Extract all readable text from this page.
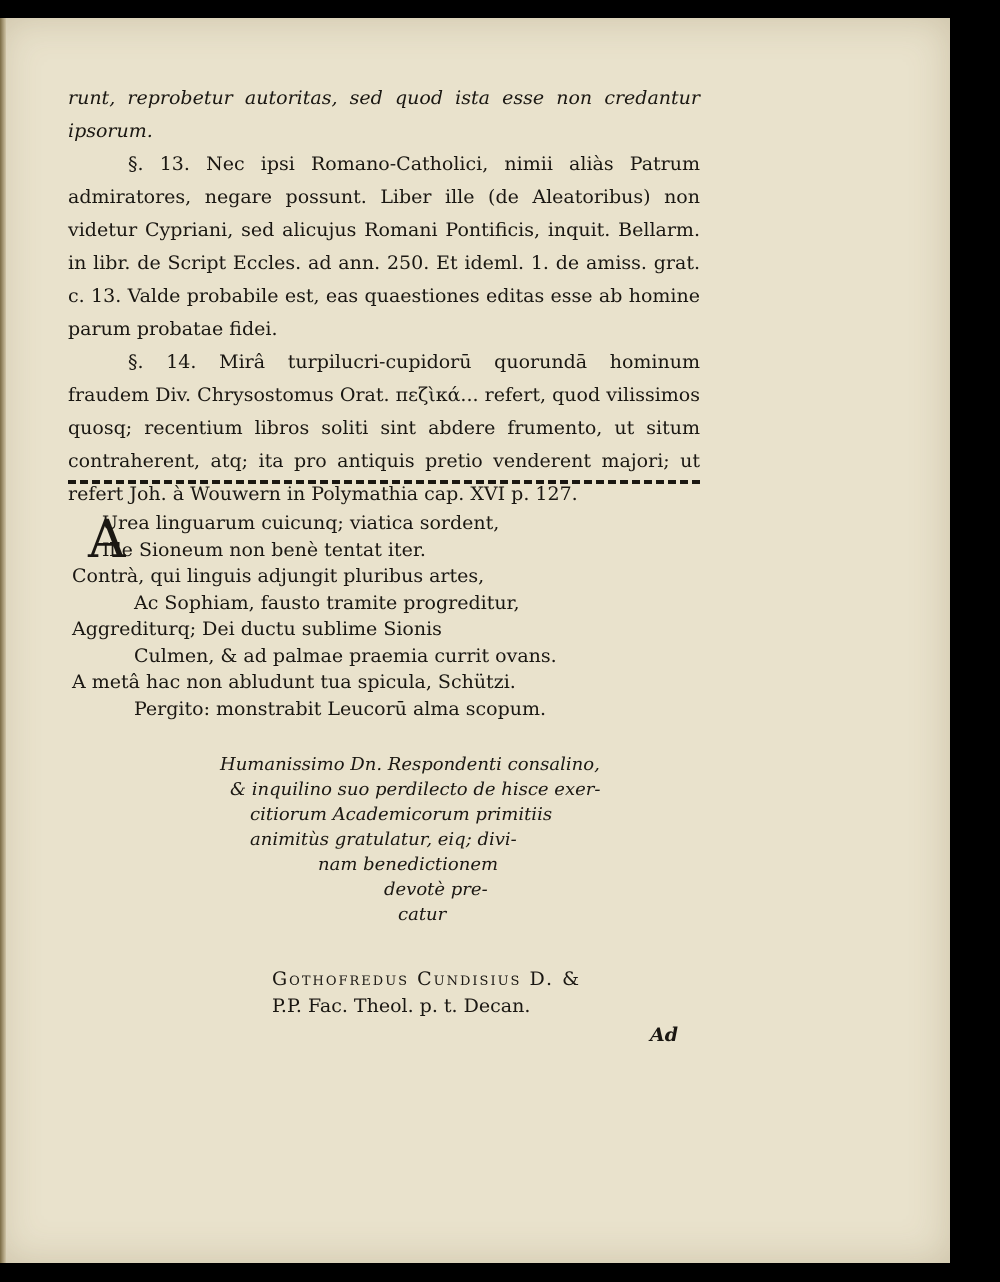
runt, reprobetur autoritas, sed quod ista esse non credantur ipsorum.

§. 13. Nec ipsi Romano-Catholici, nimii aliàs Patrum admiratores, negare possunt. Liber ille (de Aleatoribus) non videtur Cypriani, sed alicujus Romani Pontificis, inquit. Bellarm. in libr. de Script Eccles. ad ann. 250. Et ideml. 1. de amiss. grat. c. 13. Valde probabile est, eas quaestiones editas esse ab homine parum probatae fidei.

§. 14. Mirâ turpilucri-cupidorū quorundā hominum fraudem Div. Chrysostomus Orat. πεζὶκά... refert, quod vilissimos quosq; recentium libros soliti sint abdere frumento, ut situm contraherent, atq; ita pro antiquis pretio venderent majori; ut refert Joh. à Wouwern in Polymathia cap. XVI p. 127.

A
Urea linguarum cuicunq; viatica sordent,
Ille Sioneum non benè tentat iter.
Contrà, qui linguis adjungit pluribus artes,
Ac Sophiam, fausto tramite progreditur,
Aggrediturq; Dei ductu sublime Sionis
Culmen, & ad palmae praemia currit ovans.
A metâ hac non abludunt tua spicula, Schützi.
Pergito: monstrabit Leucorū alma scopum.
Humanissimo Dn. Respondenti consalino,
& inquilino suo perdilecto de hisce exer-
citiorum Academicorum primitiis
animitùs gratulatur, eiq; divi-
nam benedictionem
devotè pre-
catur
Gothofredus Cundisius D. &
P.P. Fac. Theol. p. t. Decan.
Ad
